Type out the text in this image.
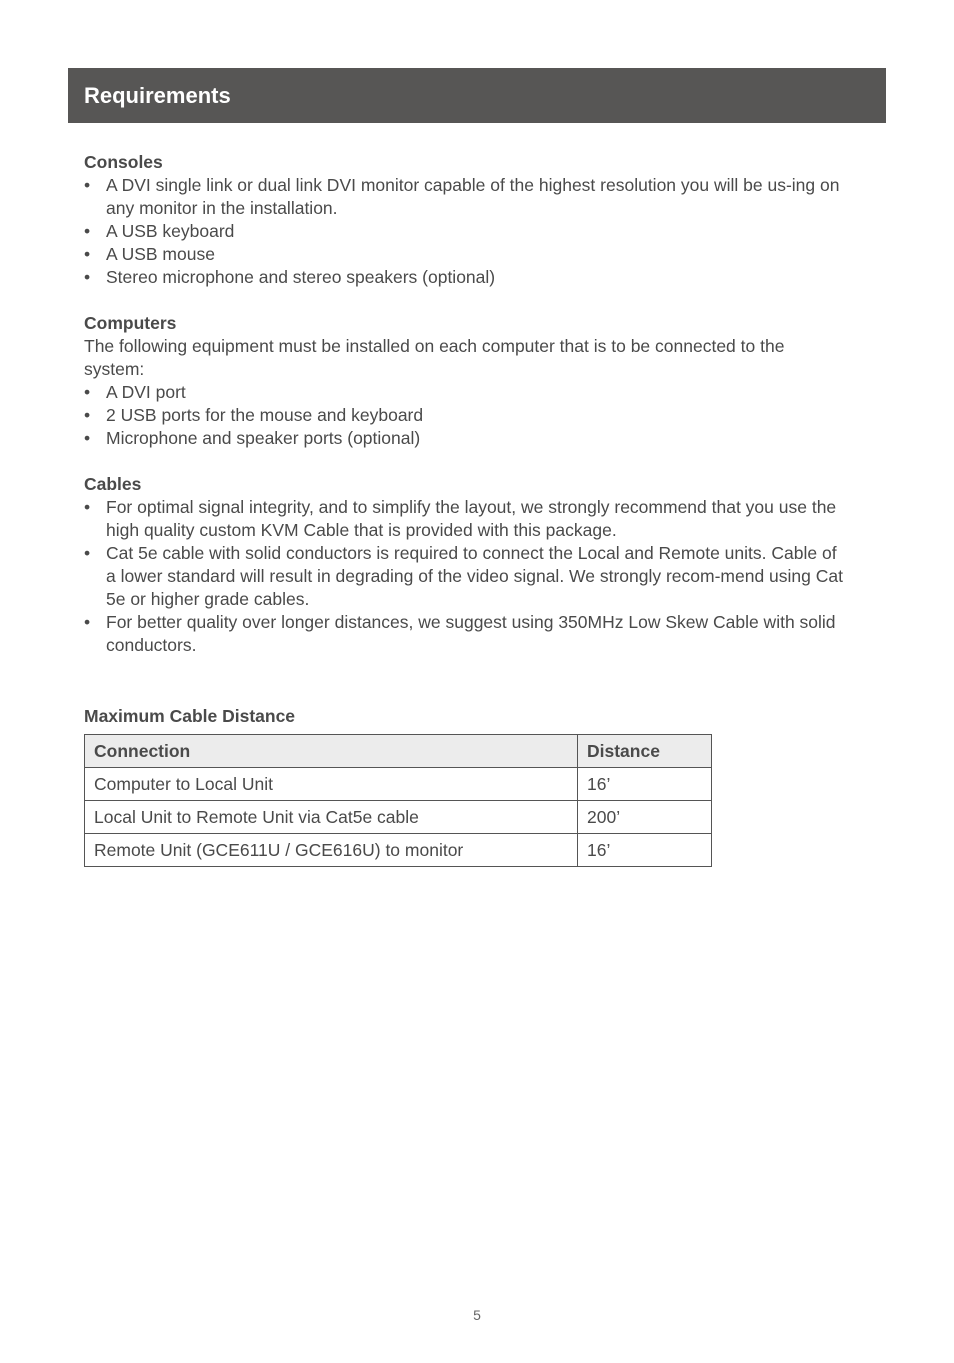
Requirements
Consoles
• A DVI single link or dual link DVI monitor capable of the highest resolution you will be us-ing on any monitor in the installation.
• A USB keyboard
• A USB mouse
• Stereo microphone and stereo speakers (optional)
Computers

The following equipment must be installed on each computer that is to be connected to the system:

• A DVI port
• 2 USB ports for the mouse and keyboard
• Microphone and speaker ports (optional)
Cables
• For optimal signal integrity, and to simplify the layout, we strongly recommend that you use the high quality custom KVM Cable that is provided with this package.
• Cat 5e cable with solid conductors is required to connect the Local and Remote units. Cable of a lower standard will result in degrading of the video signal. We strongly recom-mend using Cat 5e or higher grade cables.
• For better quality over longer distances, we suggest using 350MHz Low Skew Cable with solid conductors.
Maximum Cable Distance
Connection	Distance
Computer to Local Unit	16’
Local Unit to Remote Unit via Cat5e cable	200’
Remote Unit (GCE611U / GCE616U) to monitor	16’
5
